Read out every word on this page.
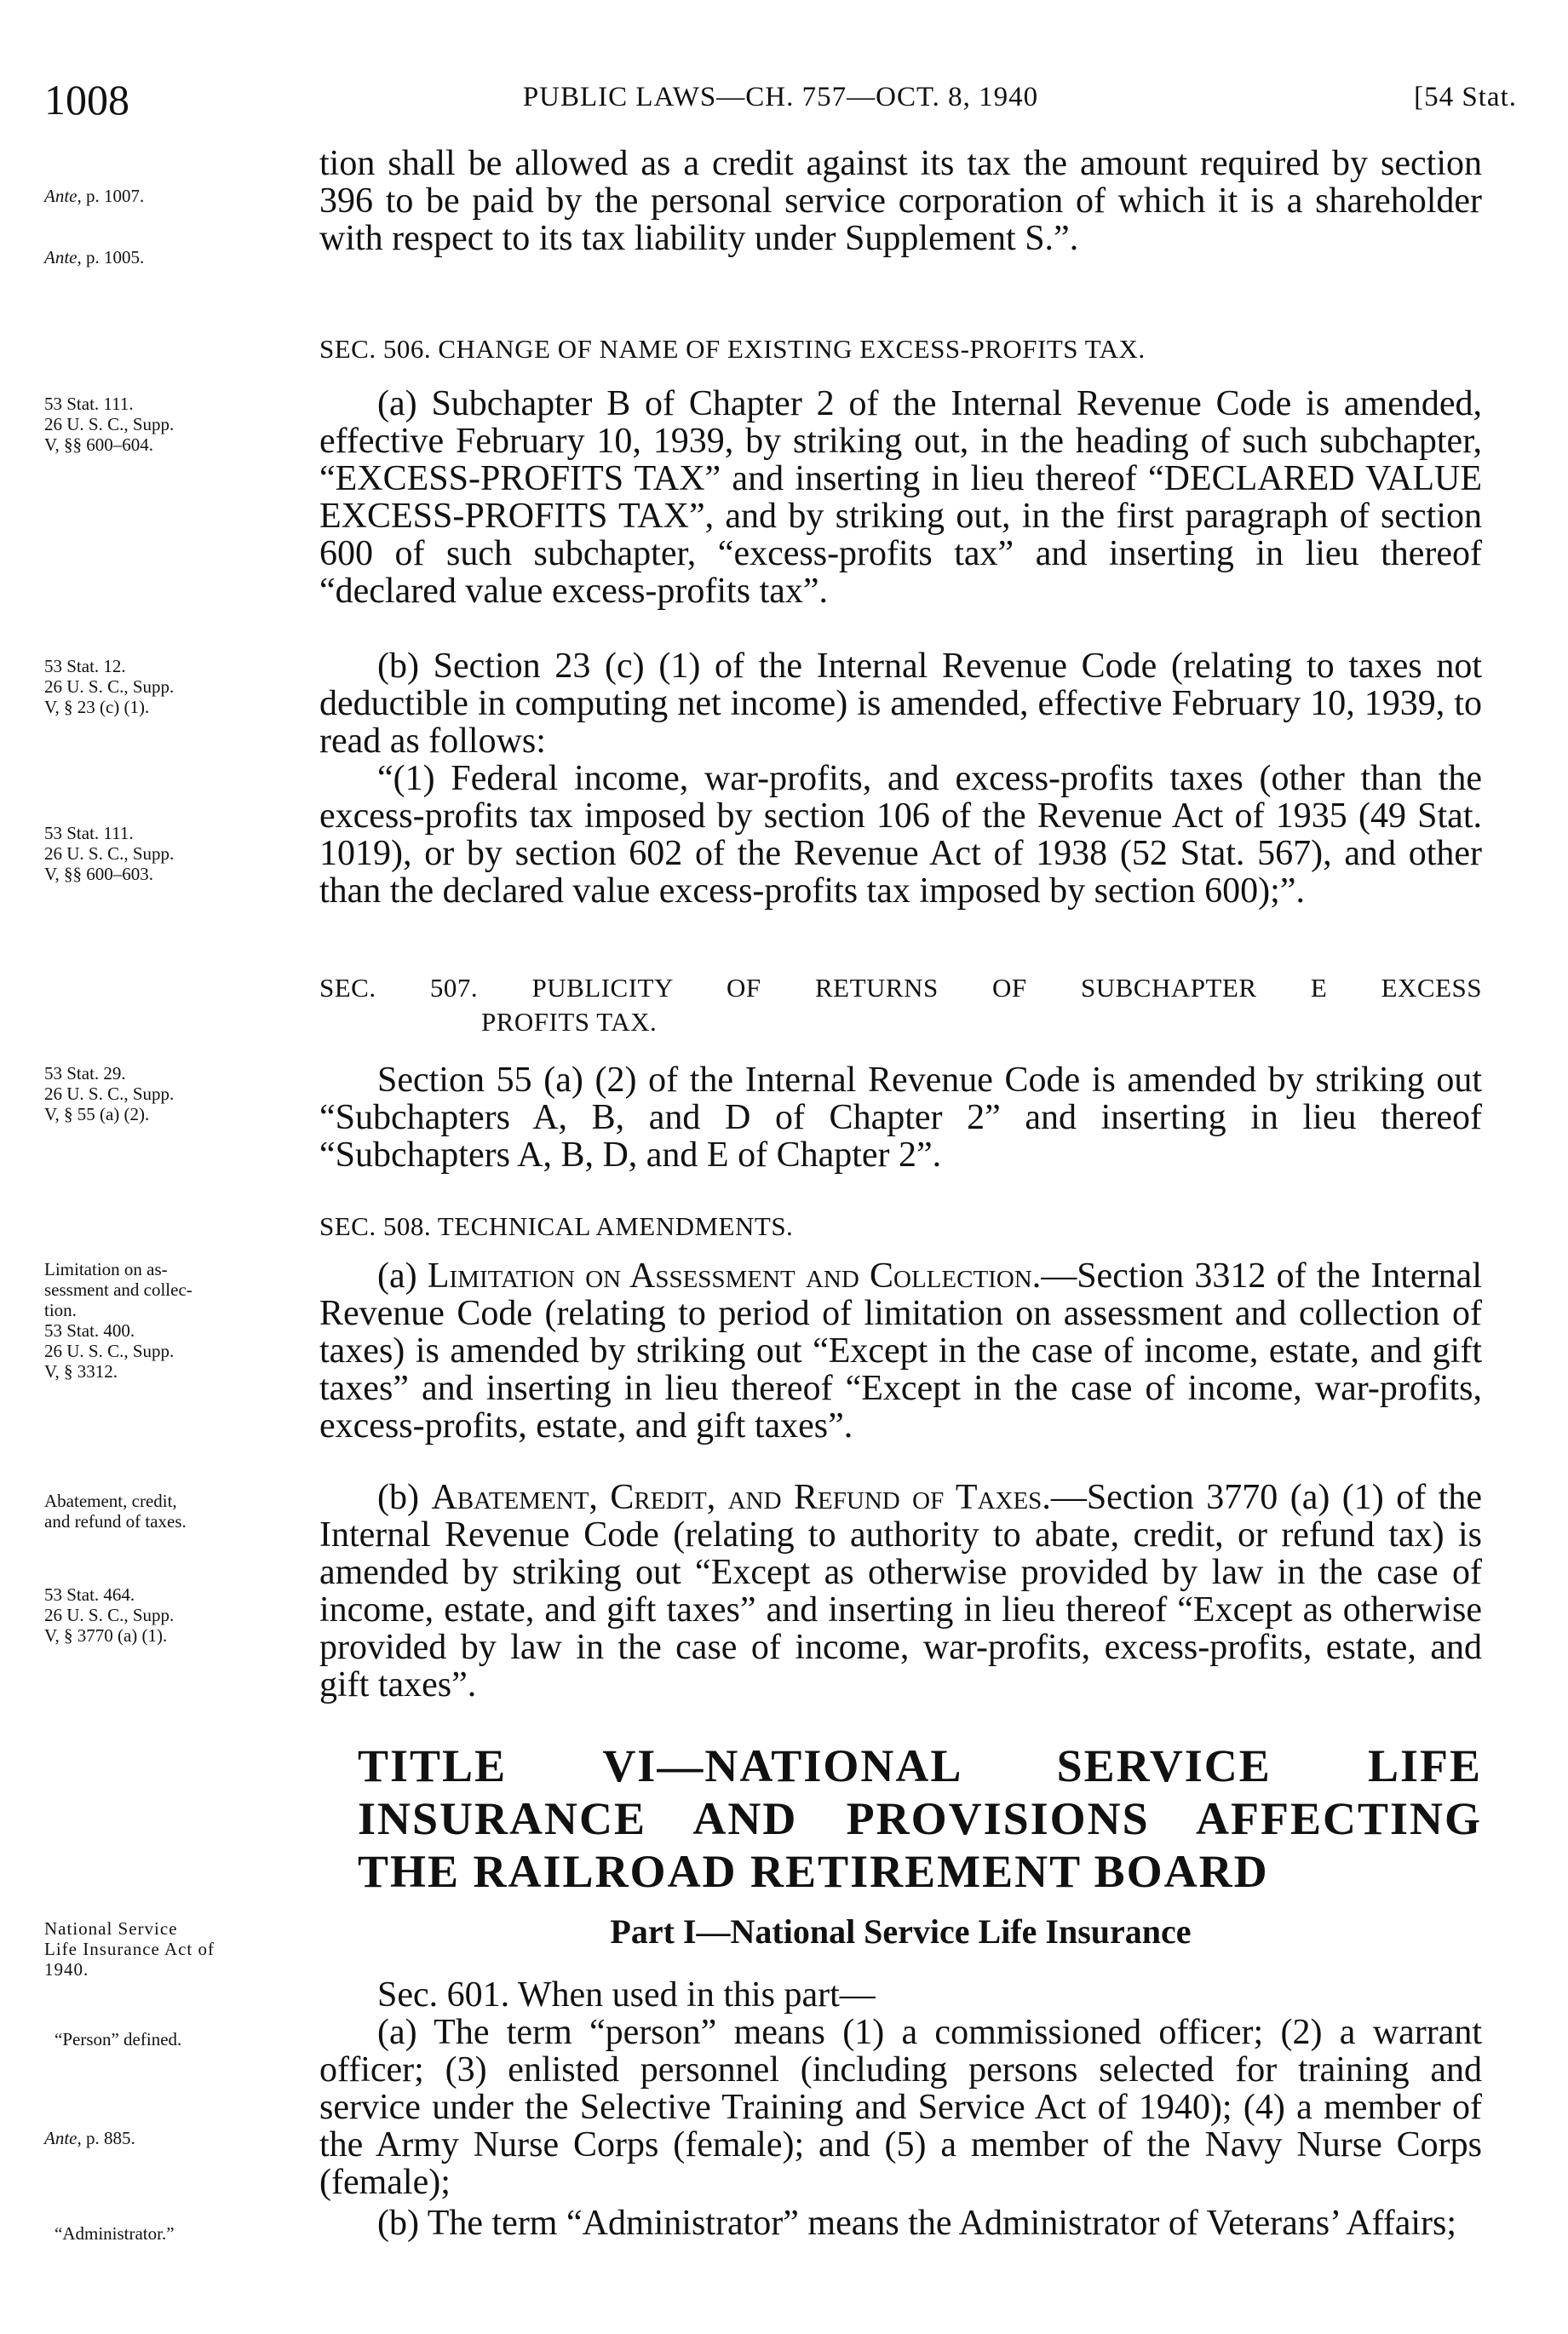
1008	PUBLIC LAWS—CH. 757—OCT. 8, 1940	[54 Stat.
Ante, p. 1007.
Ante, p. 1005.
53 Stat. 111.
26 U. S. C., Supp.
V, §§ 600–604.
53 Stat. 12.
26 U. S. C., Supp.
V, § 23 (c) (1).
53 Stat. 111.
26 U. S. C., Supp.
V, §§ 600–603.
53 Stat. 29.
26 U. S. C., Supp.
V, § 55 (a) (2).
Limitation on as-
sessment and collec-
tion.
53 Stat. 400.
26 U. S. C., Supp.
V, § 3312.
Abatement, credit,
and refund of taxes.
53 Stat. 464.
26 U. S. C., Supp.
V, § 3770 (a) (1).
National Service
Life Insurance Act of
1940.
“Person” defined.
Ante, p. 885.
“Administrator.”

tion shall be allowed as a credit against its tax the amount required by section 396 to be paid by the personal service corporation of which it is a shareholder with respect to its tax liability under Supplement S.”.

SEC. 506. CHANGE OF NAME OF EXISTING EXCESS-PROFITS TAX.

(a) Subchapter B of Chapter 2 of the Internal Revenue Code is amended, effective February 10, 1939, by striking out, in the heading of such subchapter, “EXCESS-PROFITS TAX” and inserting in lieu thereof “DECLARED VALUE EXCESS-PROFITS TAX”, and by striking out, in the first paragraph of section 600 of such subchapter, “excess-profits tax” and inserting in lieu thereof “declared value excess-profits tax”.

(b) Section 23 (c) (1) of the Internal Revenue Code (relating to taxes not deductible in computing net income) is amended, effective February 10, 1939, to read as follows:

“(1) Federal income, war-profits, and excess-profits taxes (other than the excess-profits tax imposed by section 106 of the Revenue Act of 1935 (49 Stat. 1019), or by section 602 of the Revenue Act of 1938 (52 Stat. 567), and other than the declared value excess-profits tax imposed by section 600);”.

SEC. 507. PUBLICITY OF RETURNS OF SUBCHAPTER E EXCESS
PROFITS TAX.

Section 55 (a) (2) of the Internal Revenue Code is amended by striking out “Subchapters A, B, and D of Chapter 2” and inserting in lieu thereof “Subchapters A, B, D, and E of Chapter 2”.

SEC. 508. TECHNICAL AMENDMENTS.

(a) Limitation on Assessment and Collection.—Section 3312 of the Internal Revenue Code (relating to period of limitation on assessment and collection of taxes) is amended by striking out “Except in the case of income, estate, and gift taxes” and inserting in lieu thereof “Except in the case of income, war-profits, excess-profits, estate, and gift taxes”.

(b) Abatement, Credit, and Refund of Taxes.—Section 3770 (a) (1) of the Internal Revenue Code (relating to authority to abate, credit, or refund tax) is amended by striking out “Except as otherwise provided by law in the case of income, estate, and gift taxes” and inserting in lieu thereof “Except as otherwise provided by law in the case of income, war-profits, excess-profits, estate, and gift taxes”.

TITLE VI—NATIONAL SERVICE LIFE INSURANCE AND PROVISIONS AFFECTING THE RAILROAD RETIREMENT BOARD
Part I—National Service Life Insurance

Sec. 601. When used in this part—

(a) The term “person” means (1) a commissioned officer; (2) a warrant officer; (3) enlisted personnel (including persons selected for training and service under the Selective Training and Service Act of 1940); (4) a member of the Army Nurse Corps (female); and (5) a member of the Navy Nurse Corps (female);

(b) The term “Administrator” means the Administrator of Veterans’ Affairs;
